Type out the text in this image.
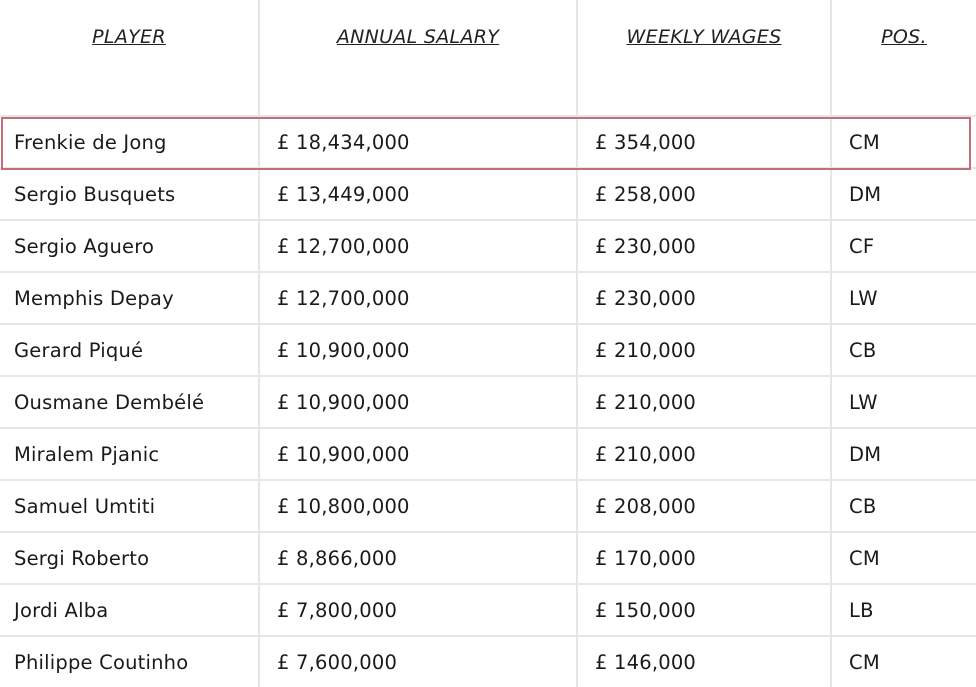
PLAYER	ANNUAL SALARY	WEEKLY WAGES	POS.
Frenkie de Jong	£ 18,434,000	£ 354,000	CM
Sergio Busquets	£ 13,449,000	£ 258,000	DM
Sergio Aguero	£ 12,700,000	£ 230,000	CF
Memphis Depay	£ 12,700,000	£ 230,000	LW
Gerard Piqué	£ 10,900,000	£ 210,000	CB
Ousmane Dembélé	£ 10,900,000	£ 210,000	LW
Miralem Pjanic	£ 10,900,000	£ 210,000	DM
Samuel Umtiti	£ 10,800,000	£ 208,000	CB
Sergi Roberto	£ 8,866,000	£ 170,000	CM
Jordi Alba	£ 7,800,000	£ 150,000	LB
Philippe Coutinho	£ 7,600,000	£ 146,000	CM
